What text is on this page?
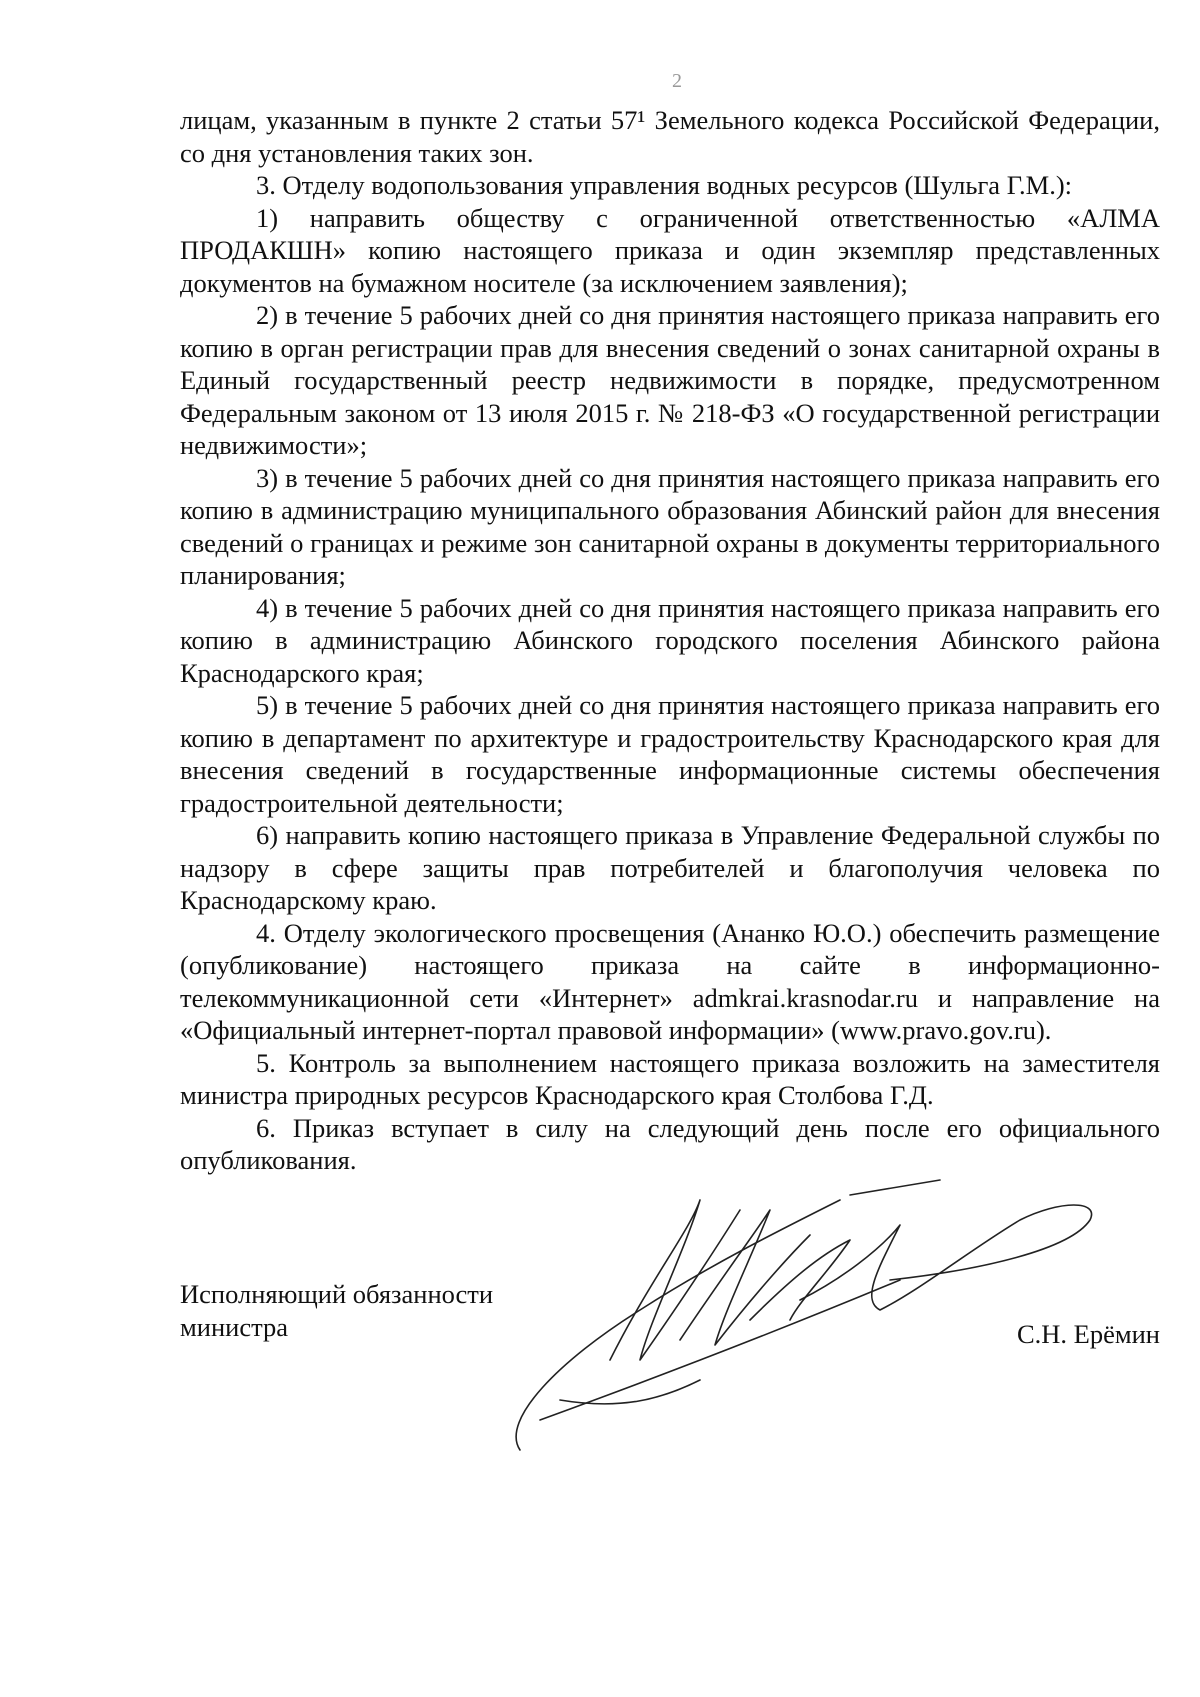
2

лицам, указанным в пункте 2 статьи 57¹ Земельного кодекса Российской Федерации, со дня установления таких зон.

3. Отделу водопользования управления водных ресурсов (Шульга Г.М.):

1) направить обществу с ограниченной ответственностью «АЛМА ПРОДАКШН» копию настоящего приказа и один экземпляр представленных документов на бумажном носителе (за исключением заявления);

2) в течение 5 рабочих дней со дня принятия настоящего приказа направить его копию в орган регистрации прав для внесения сведений о зонах санитарной охраны в Единый государственный реестр недвижимости в порядке, предусмотренном Федеральным законом от 13 июля 2015 г. № 218-ФЗ «О государственной регистрации недвижимости»;

3) в течение 5 рабочих дней со дня принятия настоящего приказа направить его копию в администрацию муниципального образования Абинский район для внесения сведений о границах и режиме зон санитарной охраны в документы территориального планирования;

4) в течение 5 рабочих дней со дня принятия настоящего приказа направить его копию в администрацию Абинского городского поселения Абинского района Краснодарского края;

5) в течение 5 рабочих дней со дня принятия настоящего приказа направить его копию в департамент по архитектуре и градостроительству Краснодарского края для внесения сведений в государственные информационные системы обеспечения градостроительной деятельности;

6) направить копию настоящего приказа в Управление Федеральной службы по надзору в сфере защиты прав потребителей и благополучия человека по Краснодарскому краю.

4. Отделу экологического просвещения (Ананко Ю.О.) обеспечить размещение (опубликование) настоящего приказа на сайте в информационно-телекоммуникационной сети «Интернет» admkrai.krasnodar.ru и направление на «Официальный интернет-портал правовой информации» (www.pravo.gov.ru).

5. Контроль за выполнением настоящего приказа возложить на заместителя министра природных ресурсов Краснодарского края Столбова Г.Д.

6. Приказ вступает в силу на следующий день после его официального опубликования.

Исполняющий обязанности
министра	С.Н. Ерёмин
